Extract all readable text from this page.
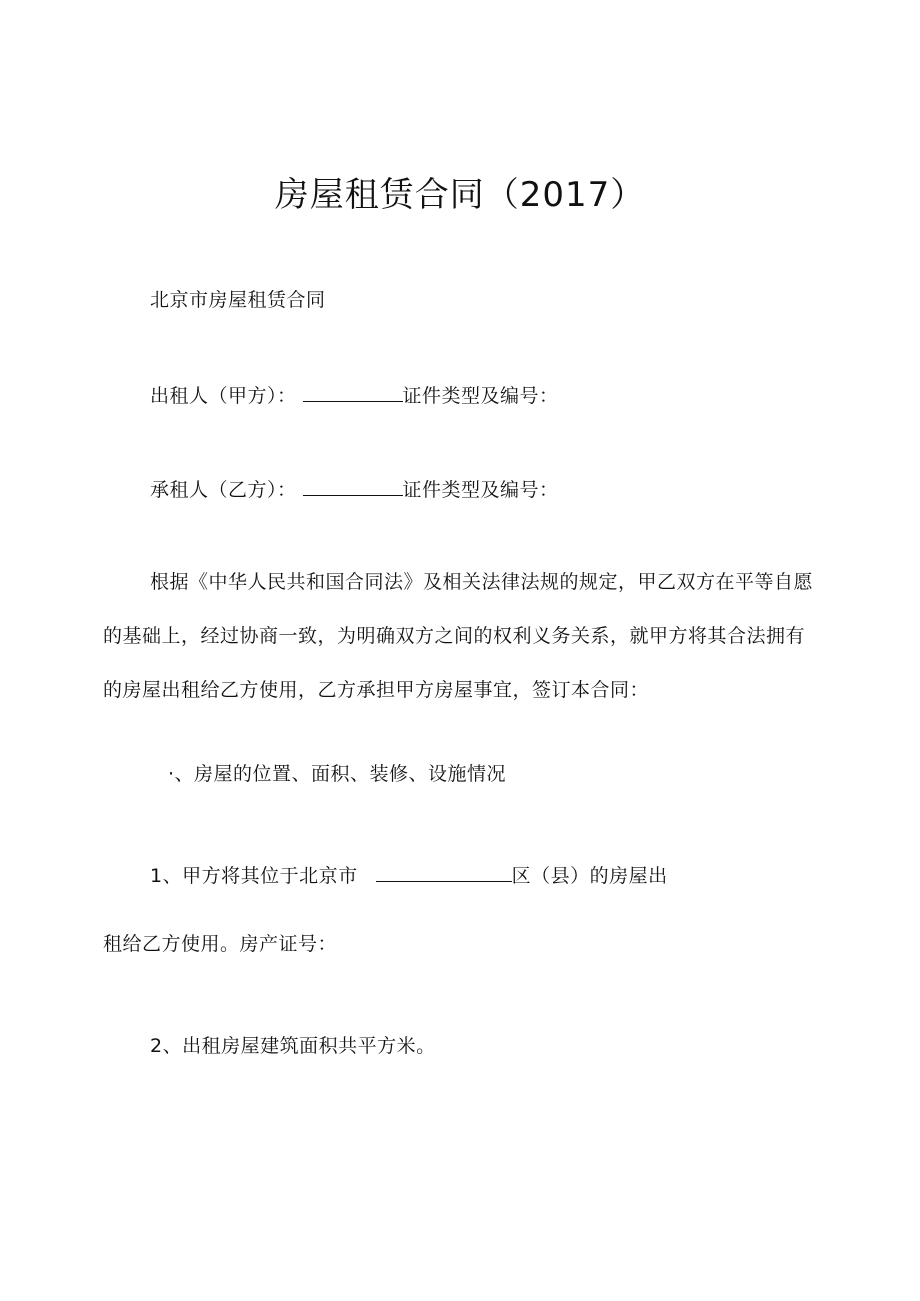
房屋租赁合同（2017）
北京市房屋租赁合同
出租人（甲方）：	证件类型及编号：
承租人（乙方）：	证件类型及编号：
根据《中华人民共和国合同法》及相关法律法规的规定，甲乙双方在平等自愿的基础上，经过协商一致，为明确双方之间的权利义务关系，就甲方将其合法拥有的房屋出租给乙方使用，乙方承担甲方房屋事宜，签订本合同：
·、房屋的位置、面积、装修、设施情况
1、甲方将其位于北京市	区（县）的房屋出
租给乙方使用。房产证号：
2、出租房屋建筑面积共平方米。
